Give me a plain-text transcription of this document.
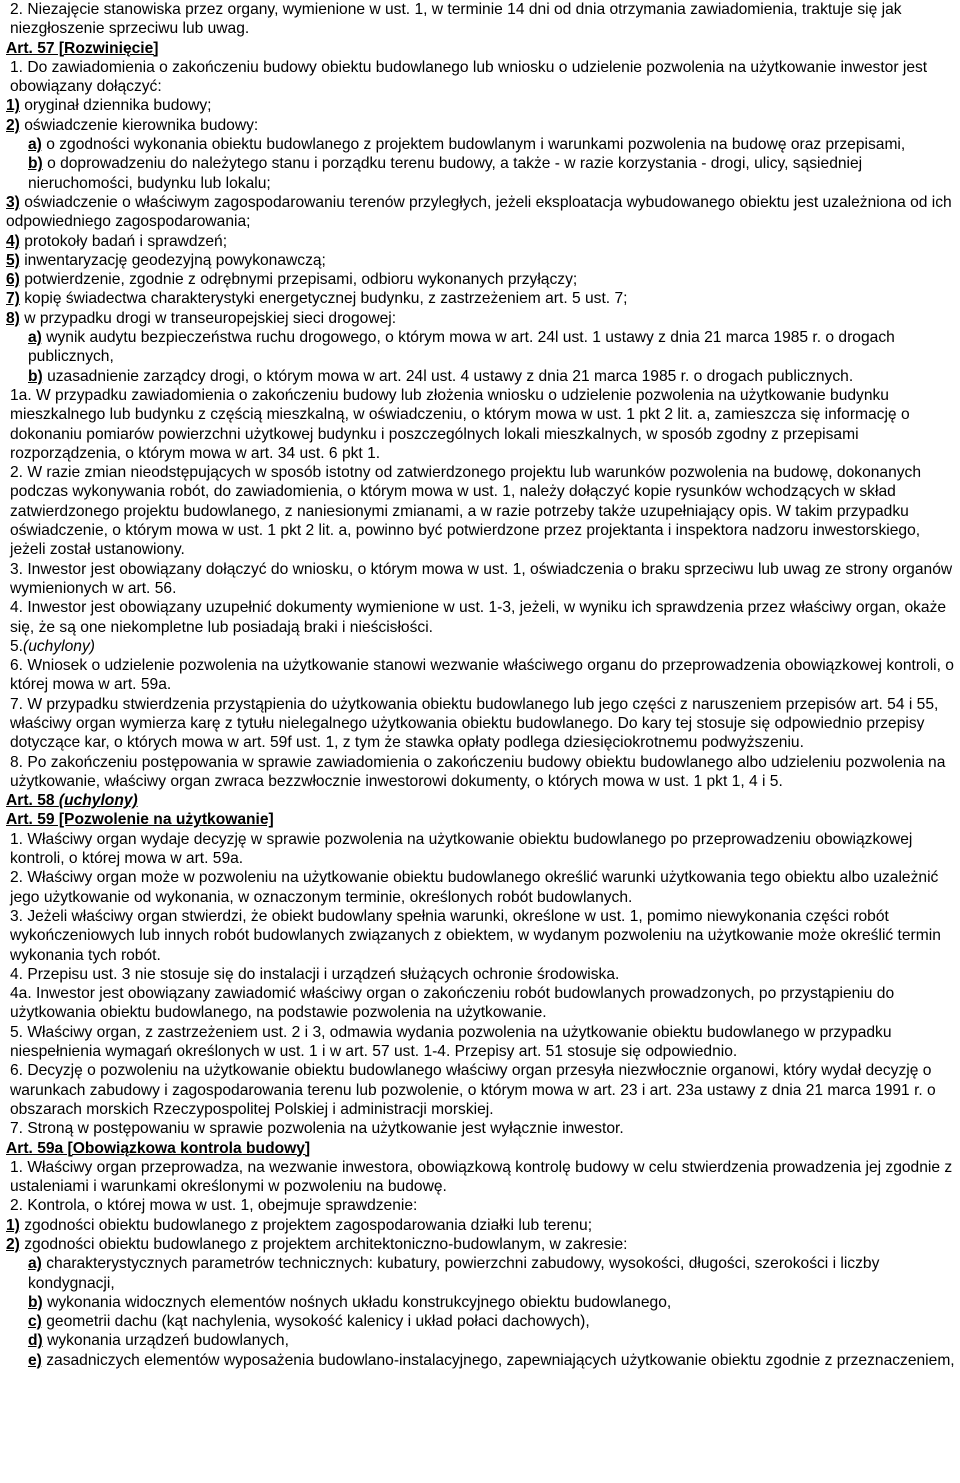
2. Niezajęcie stanowiska przez organy, wymienione w ust. 1, w terminie 14 dni od dnia otrzymania zawiadomienia, traktuje się jak niezgłoszenie sprzeciwu lub uwag.
Art. 57 [Rozwinięcie]
1. Do zawiadomienia o zakończeniu budowy obiektu budowlanego lub wniosku o udzielenie pozwolenia na użytkowanie inwestor jest obowiązany dołączyć:
1) oryginał dziennika budowy;
2) oświadczenie kierownika budowy:
a) o zgodności wykonania obiektu budowlanego z projektem budowlanym i warunkami pozwolenia na budowę oraz przepisami,
b) o doprowadzeniu do należytego stanu i porządku terenu budowy, a także - w razie korzystania - drogi, ulicy, sąsiedniej nieruchomości, budynku lub lokalu;
3) oświadczenie o właściwym zagospodarowaniu terenów przyległych, jeżeli eksploatacja wybudowanego obiektu jest uzależniona od ich odpowiedniego zagospodarowania;
4) protokoły badań i sprawdzeń;
5) inwentaryzację geodezyjną powykonawczą;
6) potwierdzenie, zgodnie z odrębnymi przepisami, odbioru wykonanych przyłączy;
7) kopię świadectwa charakterystyki energetycznej budynku, z zastrzeżeniem art. 5 ust. 7;
8) w przypadku drogi w transeuropejskiej sieci drogowej:
a) wynik audytu bezpieczeństwa ruchu drogowego, o którym mowa w art. 24l ust. 1 ustawy z dnia 21 marca 1985 r. o drogach publicznych,
b) uzasadnienie zarządcy drogi, o którym mowa w art. 24l ust. 4 ustawy z dnia 21 marca 1985 r. o drogach publicznych.
1a. W przypadku zawiadomienia o zakończeniu budowy lub złożenia wniosku o udzielenie pozwolenia na użytkowanie budynku mieszkalnego lub budynku z częścią mieszkalną, w oświadczeniu, o którym mowa w ust. 1 pkt 2 lit. a, zamieszcza się informację o dokonaniu pomiarów powierzchni użytkowej budynku i poszczególnych lokali mieszkalnych, w sposób zgodny z przepisami rozporządzenia, o którym mowa w art. 34 ust. 6 pkt 1.
2. W razie zmian nieodstępujących w sposób istotny od zatwierdzonego projektu lub warunków pozwolenia na budowę, dokonanych podczas wykonywania robót, do zawiadomienia, o którym mowa w ust. 1, należy dołączyć kopie rysunków wchodzących w skład zatwierdzonego projektu budowlanego, z naniesionymi zmianami, a w razie potrzeby także uzupełniający opis. W takim przypadku oświadczenie, o którym mowa w ust. 1 pkt 2 lit. a, powinno być potwierdzone przez projektanta i inspektora nadzoru inwestorskiego, jeżeli został ustanowiony.
3. Inwestor jest obowiązany dołączyć do wniosku, o którym mowa w ust. 1, oświadczenia o braku sprzeciwu lub uwag ze strony organów wymienionych w art. 56.
4. Inwestor jest obowiązany uzupełnić dokumenty wymienione w ust. 1-3, jeżeli, w wyniku ich sprawdzenia przez właściwy organ, okaże się, że są one niekompletne lub posiadają braki i nieścisłości.
5.(uchylony)
6. Wniosek o udzielenie pozwolenia na użytkowanie stanowi wezwanie właściwego organu do przeprowadzenia obowiązkowej kontroli, o której mowa w art. 59a.
7. W przypadku stwierdzenia przystąpienia do użytkowania obiektu budowlanego lub jego części z naruszeniem przepisów art. 54 i 55, właściwy organ wymierza karę z tytułu nielegalnego użytkowania obiektu budowlanego. Do kary tej stosuje się odpowiednio przepisy dotyczące kar, o których mowa w art. 59f ust. 1, z tym że stawka opłaty podlega dziesięciokrotnemu podwyższeniu.
8. Po zakończeniu postępowania w sprawie zawiadomienia o zakończeniu budowy obiektu budowlanego albo udzieleniu pozwolenia na użytkowanie, właściwy organ zwraca bezzwłocznie inwestorowi dokumenty, o których mowa w ust. 1 pkt 1, 4 i 5.
Art. 58 (uchylony)
Art. 59 [Pozwolenie na użytkowanie]
1. Właściwy organ wydaje decyzję w sprawie pozwolenia na użytkowanie obiektu budowlanego po przeprowadzeniu obowiązkowej kontroli, o której mowa w art. 59a.
2. Właściwy organ może w pozwoleniu na użytkowanie obiektu budowlanego określić warunki użytkowania tego obiektu albo uzależnić jego użytkowanie od wykonania, w oznaczonym terminie, określonych robót budowlanych.
3. Jeżeli właściwy organ stwierdzi, że obiekt budowlany spełnia warunki, określone w ust. 1, pomimo niewykonania części robót wykończeniowych lub innych robót budowlanych związanych z obiektem, w wydanym pozwoleniu na użytkowanie może określić termin wykonania tych robót.
4. Przepisu ust. 3 nie stosuje się do instalacji i urządzeń służących ochronie środowiska.
4a. Inwestor jest obowiązany zawiadomić właściwy organ o zakończeniu robót budowlanych prowadzonych, po przystąpieniu do użytkowania obiektu budowlanego, na podstawie pozwolenia na użytkowanie.
5. Właściwy organ, z zastrzeżeniem ust. 2 i 3, odmawia wydania pozwolenia na użytkowanie obiektu budowlanego w przypadku niespełnienia wymagań określonych w ust. 1 i w art. 57 ust. 1-4. Przepisy art. 51 stosuje się odpowiednio.
6. Decyzję o pozwoleniu na użytkowanie obiektu budowlanego właściwy organ przesyła niezwłocznie organowi, który wydał decyzję o warunkach zabudowy i zagospodarowania terenu lub pozwolenie, o którym mowa w art. 23 i art. 23a ustawy z dnia 21 marca 1991 r. o obszarach morskich Rzeczypospolitej Polskiej i administracji morskiej.
7. Stroną w postępowaniu w sprawie pozwolenia na użytkowanie jest wyłącznie inwestor.
Art. 59a [Obowiązkowa kontrola budowy]
1. Właściwy organ przeprowadza, na wezwanie inwestora, obowiązkową kontrolę budowy w celu stwierdzenia prowadzenia jej zgodnie z ustaleniami i warunkami określonymi w pozwoleniu na budowę.
2. Kontrola, o której mowa w ust. 1, obejmuje sprawdzenie:
1) zgodności obiektu budowlanego z projektem zagospodarowania działki lub terenu;
2) zgodności obiektu budowlanego z projektem architektoniczno-budowlanym, w zakresie:
a) charakterystycznych parametrów technicznych: kubatury, powierzchni zabudowy, wysokości, długości, szerokości i liczby kondygnacji,
b) wykonania widocznych elementów nośnych układu konstrukcyjnego obiektu budowlanego,
c) geometrii dachu (kąt nachylenia, wysokość kalenicy i układ połaci dachowych),
d) wykonania urządzeń budowlanych,
e) zasadniczych elementów wyposażenia budowlano-instalacyjnego, zapewniających użytkowanie obiektu zgodnie z przeznaczeniem,
